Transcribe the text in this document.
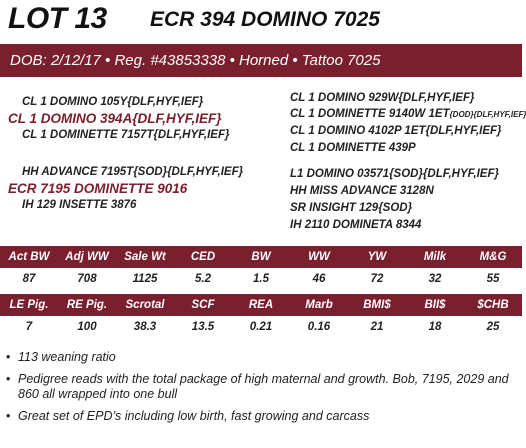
LOT 13 ECR 394 DOMINO 7025
DOB: 2/12/17 • Reg. #43853338 • Horned • Tattoo 7025
CL 1 DOMINO 105Y{DLF,HYF,IEF}
CL 1 DOMINO 394A{DLF,HYF,IEF}
CL 1 DOMINETTE 7157T{DLF,HYF,IEF}
HH ADVANCE 7195T{SOD}{DLF,HYF,IEF}
ECR 7195 DOMINETTE 9016
IH 129 INSETTE 3876
CL 1 DOMINO 929W{DLF,HYF,IEF}
CL 1 DOMINETTE 9140W 1ET{DOD}{DLF,HYF,IEF}
CL 1 DOMINO 4102P 1ET{DLF,HYF,IEF}
CL 1 DOMINETTE 439P
L1 DOMINO 03571{SOD}{DLF,HYF,IEF}
HH MISS ADVANCE 3128N
SR INSIGHT 129{SOD}
IH 2110 DOMINETA 8344
Act BW	Adj WW	Sale Wt	CED	BW	WW	YW	Milk	M&G
87	708	1125	5.2	1.5	46	72	32	55
LE Pig.	RE Pig.	Scrotal	SCF	REA	Marb	BMI$	BII$	$CHB
7	100	38.3	13.5	0.21	0.16	21	18	25
• 113 weaning ratio
• Pedigree reads with the total package of high maternal and growth. Bob, 7195, 2029 and 860 all wrapped into one bull
• Great set of EPD’s including low birth, fast growing and carcass
